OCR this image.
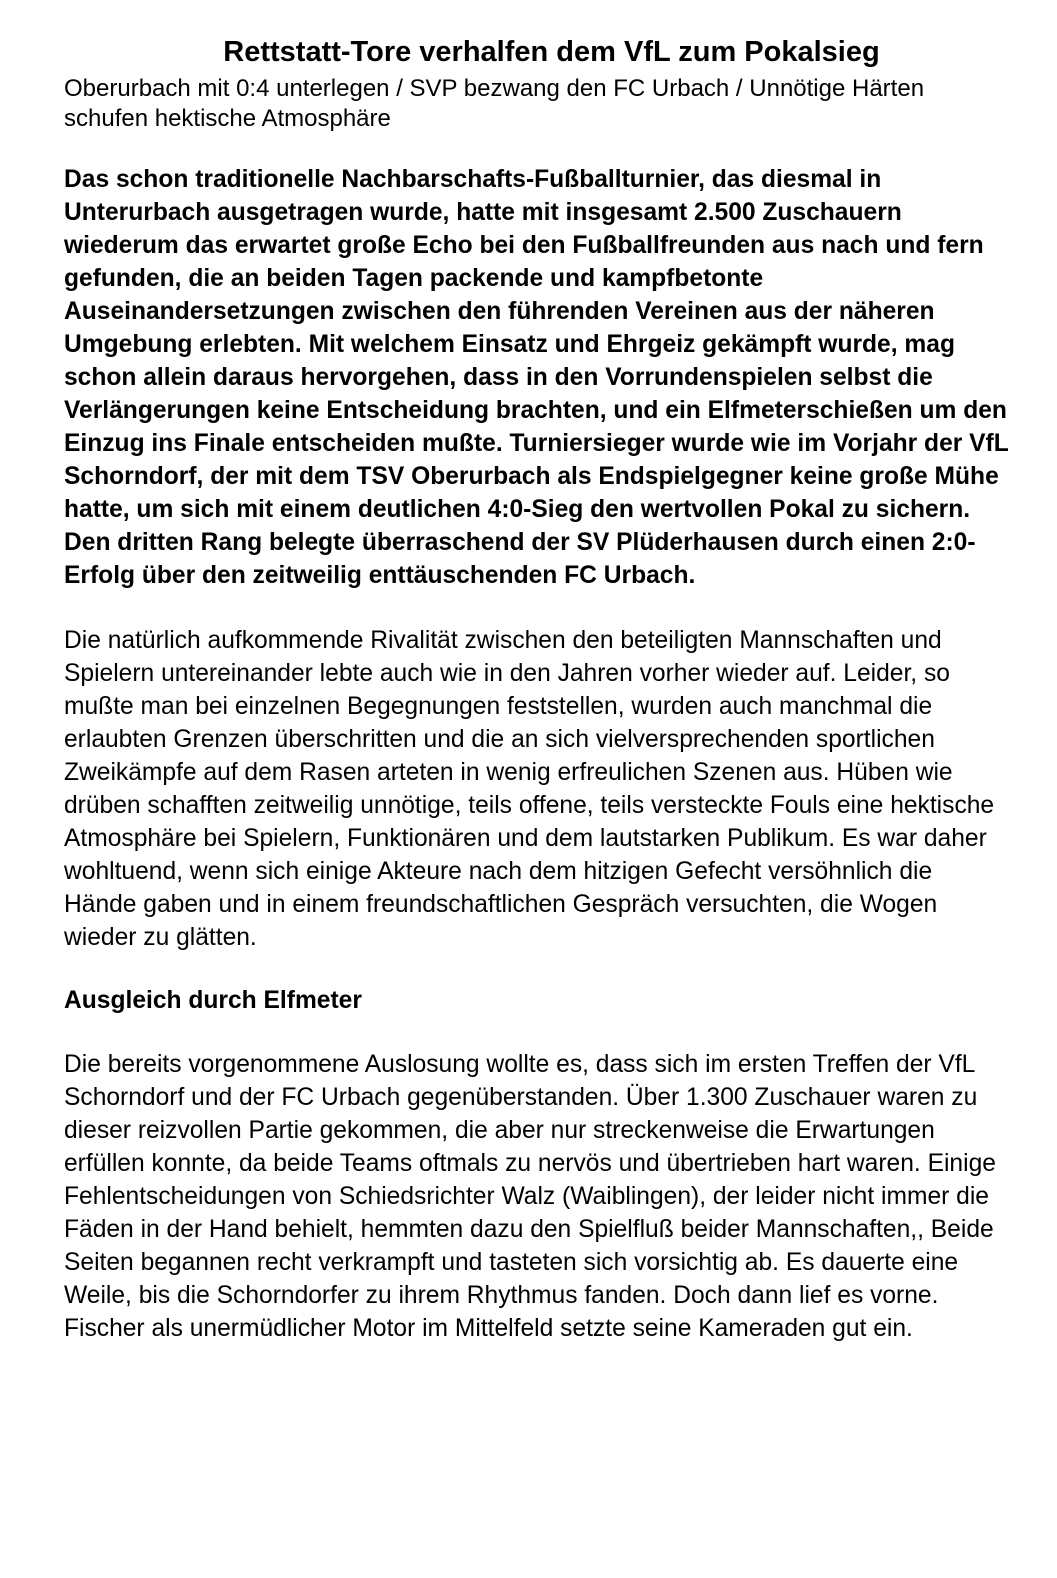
Rettstatt-Tore verhalfen dem VfL zum Pokalsieg

Oberurbach mit 0:4 unterlegen / SVP bezwang den FC Urbach / Unnötige Härten schufen hektische Atmosphäre

Das schon traditionelle Nachbarschafts-Fußballturnier, das diesmal in Unterurbach ausgetragen wurde, hatte mit insgesamt 2.500 Zuschauern wiederum das erwartet große Echo bei den Fußballfreunden aus nach und fern gefunden, die an beiden Tagen packende und kampfbetonte Auseinandersetzungen zwischen den führenden Vereinen aus der näheren Umgebung erlebten. Mit welchem Einsatz und Ehrgeiz gekämpft wurde, mag schon allein daraus hervorgehen, dass in den Vorrundenspielen selbst die Verlängerungen keine Entscheidung brachten, und ein Elfmeterschießen um den Einzug ins Finale entscheiden mußte. Turniersieger wurde wie im Vorjahr der VfL Schorndorf, der mit dem TSV Oberurbach als Endspielgegner keine große Mühe hatte, um sich mit einem deutlichen 4:0-Sieg den wertvollen Pokal zu sichern. Den dritten Rang belegte überraschend der SV Plüderhausen durch einen 2:0-Erfolg über den zeitweilig enttäuschenden FC Urbach.

Die natürlich aufkommende Rivalität zwischen den beteiligten Mannschaften und Spielern untereinander lebte auch wie in den Jahren vorher wieder auf. Leider, so mußte man bei einzelnen Begegnungen feststellen, wurden auch manchmal die erlaubten Grenzen überschritten und die an sich vielversprechenden sportlichen Zweikämpfe auf dem Rasen arteten in wenig erfreulichen Szenen aus. Hüben wie drüben schafften zeitweilig unnötige, teils offene, teils versteckte Fouls eine hektische Atmosphäre bei Spielern, Funktionären und dem lautstarken Publikum. Es war daher wohltuend, wenn sich einige Akteure nach dem hitzigen Gefecht versöhnlich die Hände gaben und in einem freundschaftlichen Gespräch versuchten, die Wogen wieder zu glätten.

Ausgleich durch Elfmeter

Die bereits vorgenommene Auslosung wollte es, dass sich im ersten Treffen der VfL Schorndorf und der FC Urbach gegenüberstanden. Über 1.300 Zuschauer waren zu dieser reizvollen Partie gekommen, die aber nur streckenweise die Erwartungen erfüllen konnte, da beide Teams oftmals zu nervös und übertrieben hart waren. Einige Fehlentscheidungen von Schiedsrichter Walz (Waiblingen), der leider nicht immer die Fäden in der Hand behielt, hemmten dazu den Spielfluß beider Mannschaften,, Beide Seiten begannen recht verkrampft und tasteten sich vorsichtig ab. Es dauerte eine Weile, bis die Schorndorfer zu ihrem Rhythmus fanden. Doch dann lief es vorne. Fischer als unermüdlicher Motor im Mittelfeld setzte seine Kameraden gut ein.
